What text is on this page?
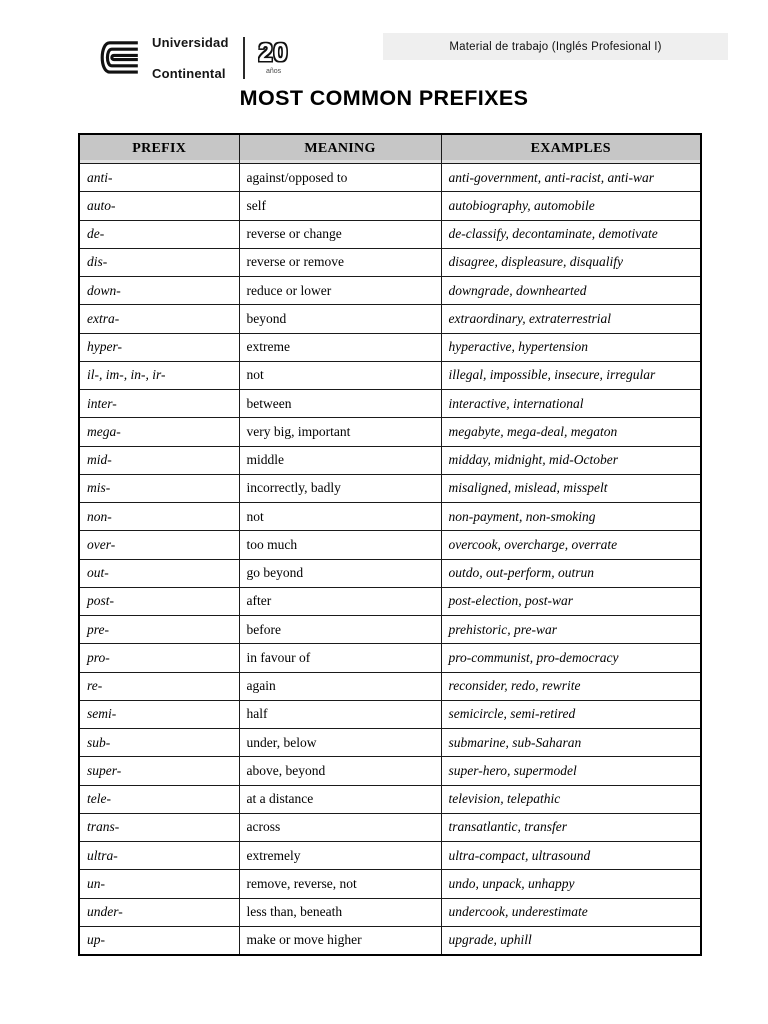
Universidad

Continental

20
años
Material de trabajo (Inglés Profesional I)
MOST COMMON PREFIXES
PREFIX	MEANING	EXAMPLES
anti-	against/opposed to	anti-government, anti-racist, anti-war
auto-	self	autobiography, automobile
de-	reverse or change	de-classify, decontaminate, demotivate
dis-	reverse or remove	disagree, displeasure, disqualify
down-	reduce or lower	downgrade, downhearted
extra-	beyond	extraordinary, extraterrestrial
hyper-	extreme	hyperactive, hypertension
il-, im-, in-, ir-	not	illegal, impossible, insecure, irregular
inter-	between	interactive, international
mega-	very big, important	megabyte, mega-deal, megaton
mid-	middle	midday, midnight, mid-October
mis-	incorrectly, badly	misaligned, mislead, misspelt
non-	not	non-payment, non-smoking
over-	too much	overcook, overcharge, overrate
out-	go beyond	outdo, out-perform, outrun
post-	after	post-election, post-war
pre-	before	prehistoric, pre-war
pro-	in favour of	pro-communist, pro-democracy
re-	again	reconsider, redo, rewrite
semi-	half	semicircle, semi-retired
sub-	under, below	submarine, sub-Saharan
super-	above, beyond	super-hero, supermodel
tele-	at a distance	television, telepathic
trans-	across	transatlantic, transfer
ultra-	extremely	ultra-compact, ultrasound
un-	remove, reverse, not	undo, unpack, unhappy
under-	less than, beneath	undercook, underestimate
up-	make or move higher	upgrade, uphill
